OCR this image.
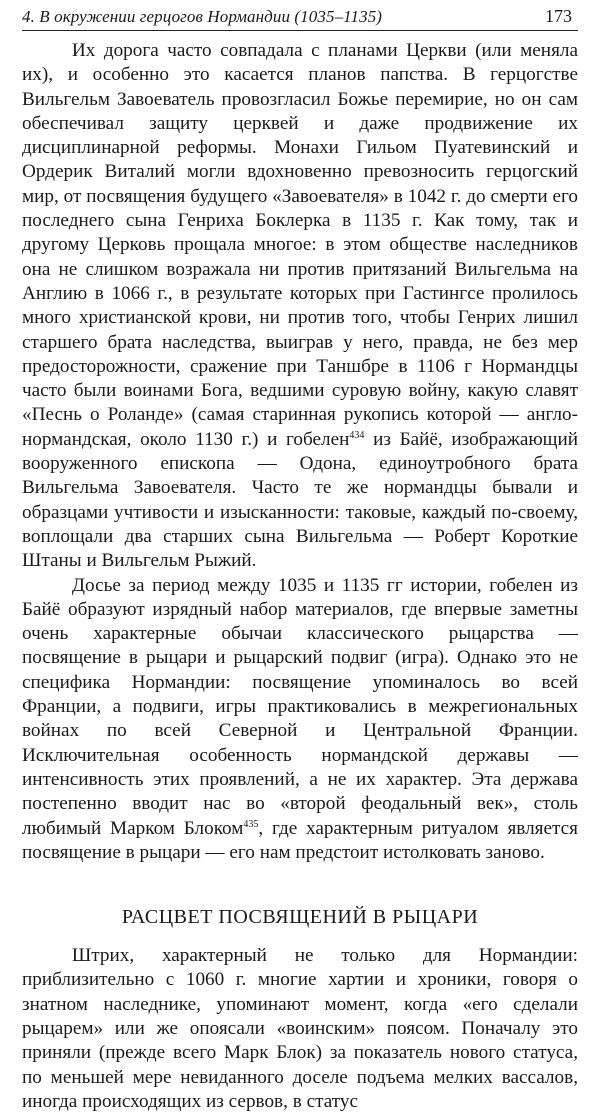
4. В окружении герцогов Нормандии (1035–1135)	173

Их дорога часто совпадала с планами Церкви (или меняла их), и особенно это касается планов папства. В герцогстве Вильгельм Завоеватель провозгласил Божье перемирие, но он сам обеспечивал защиту церквей и даже продвижение их дисциплинарной реформы. Монахи Гильом Пуатевинский и Ордерик Виталий могли вдохновенно превозносить герцогский мир, от посвящения будущего «Завоевателя» в 1042 г. до смерти его последнего сына Генриха Боклерка в 1135 г. Как тому, так и другому Церковь прощала многое: в этом обществе наследников она не слишком возражала ни против притязаний Вильгельма на Англию в 1066 г., в результате которых при Гастингсе пролилось много христианской крови, ни против того, чтобы Генрих лишил старшего брата наследства, выиграв у него, правда, не без мер предосторожности, сражение при Таншбре в 1106 г Нормандцы часто были воинами Бога, ведшими суровую войну, какую славят «Песнь о Роланде» (самая старинная рукопись которой — англо-нормандская, около 1130 г.) и гобелен$^{434}$ из Байё, изображающий вооруженного епископа — Одона, единоутробного брата Вильгельма Завоевателя. Часто те же нормандцы бывали и образцами учтивости и изысканности: таковые, каждый по-своему, воплощали два старших сына Вильгельма — Роберт Короткие Штаны и Вильгельм Рыжий.

Досье за период между 1035 и 1135 гг истории, гобелен из Байё образуют изрядный набор материалов, где впервые заметны очень характерные обычаи классического рыцарства — посвящение в рыцари и рыцарский подвиг (игра). Однако это не специфика Нормандии: посвящение упоминалось во всей Франции, а подвиги, игры практиковались в межрегиональных войнах по всей Северной и Центральной Франции. Исключительная особенность нормандской державы — интенсивность этих проявлений, а не их характер. Эта держава постепенно вводит нас во «второй феодальный век», столь любимый Марком Блоком$^{435}$, где характерным ритуалом является посвящение в рыцари — его нам предстоит истолковать заново.

РАСЦВЕТ ПОСВЯЩЕНИЙ В РЫЦАРИ

Штрих, характерный не только для Нормандии: приблизительно с 1060 г. многие хартии и хроники, говоря о знатном наследнике, упоминают момент, когда «его сделали рыцарем» или же опоясали «воинским» поясом. Поначалу это приняли (прежде всего Марк Блок) за показатель нового статуса, по меньшей мере невиданного доселе подъема мелких вассалов, иногда происходящих из сервов, в статус
